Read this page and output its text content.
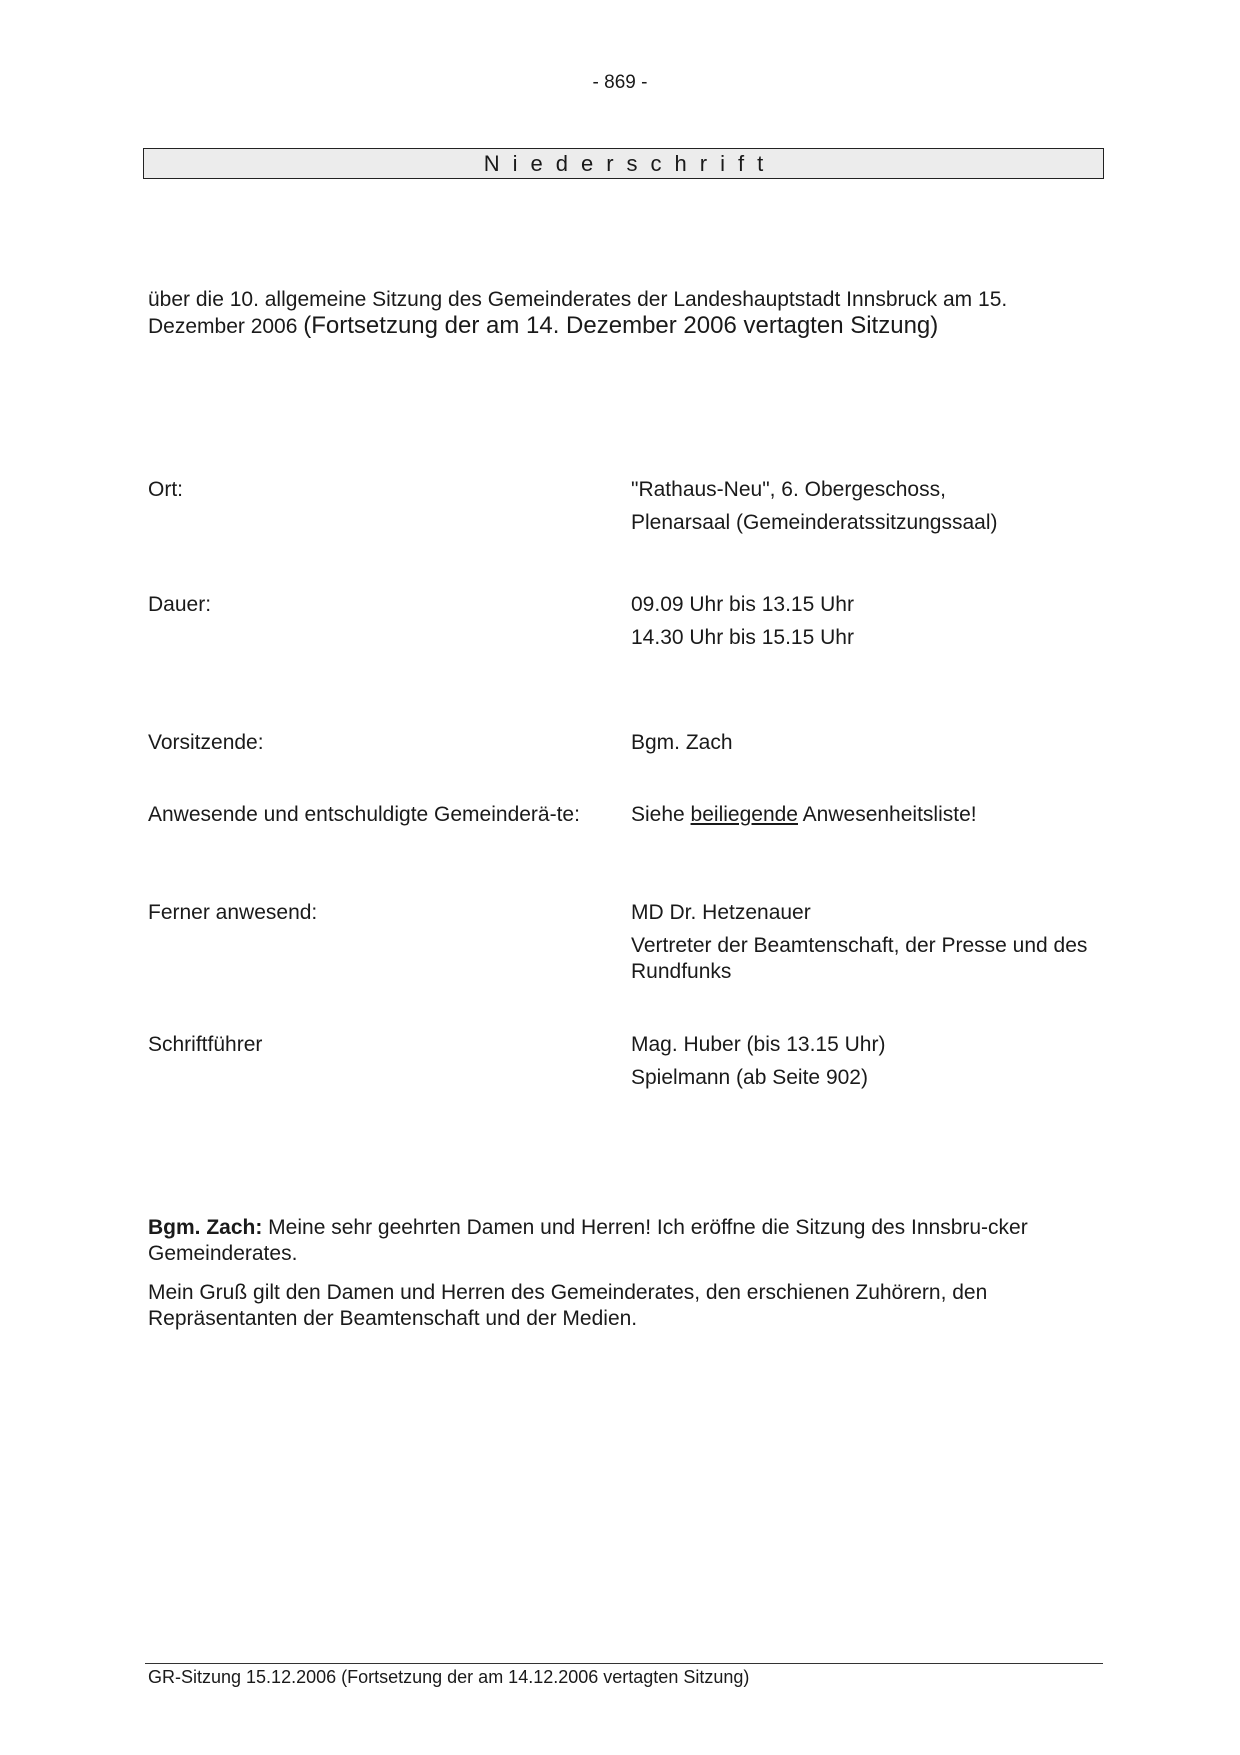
- 869 -
Niederschrift
über die 10. allgemeine Sitzung des Gemeinderates der Landeshauptstadt Innsbruck am 15. Dezember 2006 (Fortsetzung der am 14. Dezember 2006 vertagten Sitzung)
Ort:	"Rathaus-Neu", 6. Obergeschoss,
Plenarsaal (Gemeinderatssitzungssaal)
Dauer:	09.09 Uhr bis 13.15 Uhr
14.30 Uhr bis 15.15 Uhr
Vorsitzende:	Bgm. Zach
Anwesende und entschuldigte Gemeinderä-te:	Siehe beiliegende Anwesenheitsliste!
Ferner anwesend:	MD Dr. Hetzenauer
Vertreter der Beamtenschaft, der Presse und des Rundfunks
Schriftführer	Mag. Huber (bis 13.15 Uhr)
Spielmann (ab Seite 902)
Bgm. Zach: Meine sehr geehrten Damen und Herren! Ich eröffne die Sitzung des Innsbru-cker Gemeinderates.
Mein Gruß gilt den Damen und Herren des Gemeinderates, den erschienen Zuhörern, den Repräsentanten der Beamtenschaft und der Medien.
GR-Sitzung 15.12.2006 (Fortsetzung der am 14.12.2006 vertagten Sitzung)
